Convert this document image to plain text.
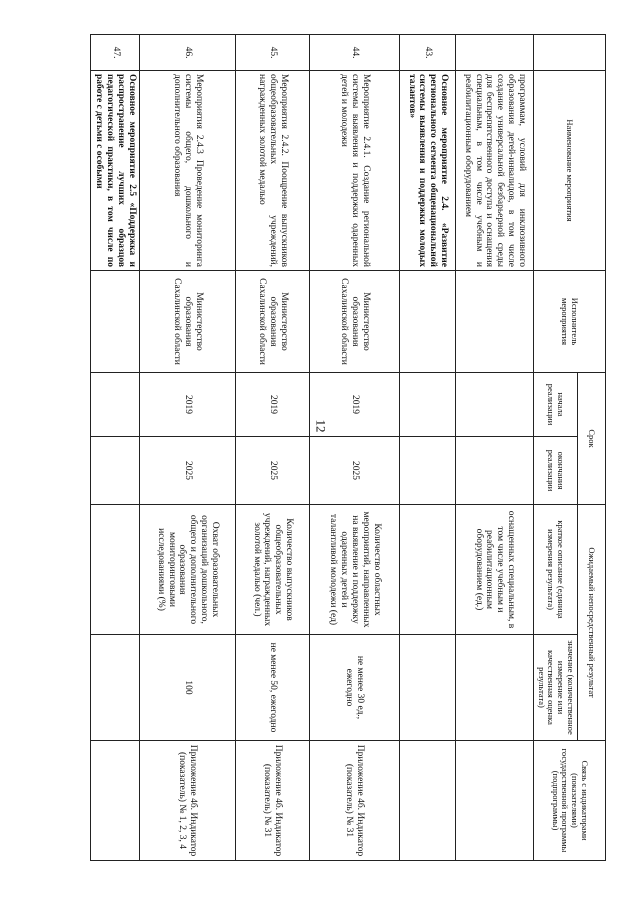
12
	Наименование мероприятия	Исполнитель мероприятия	Срок		Ожидаемый непосредственный результат		Связь с индикаторами (показателями) государственной программы (подпрограммы)
			начала реализации	окончания реализации	краткое описание (единица измерения результата)	значение (количественное измерение или качественная оценка результата)	
	программам, условий для инклюзивного образования детей-инвалидов, в том числе создание универсальной безбарьерной среды для беспрепятственного доступа и оснащения специальным, в том числе учебным и реабилитационным оборудованием				оснащенных специальным, в том числе учебным и реабилитационным оборудованием (ед.)		
43.	Основное мероприятие 2.4. «Развитие регионального сегмента общенациональной системы выявления и поддержки молодых талантов»						
44.	Мероприятие 2.4.1. Создание региональной системы выявления и поддержки одаренных детей и молодежи	Министерство образования Сахалинской области	2019	2025	Количество областных мероприятий, направленных на выявление и поддержку одаренных детей и талантливой молодежи (ед)	не менее 30 ед., ежегодно	Приложение 4б. Индикатор (показатель) № 31
45.	Мероприятия 2.4.2. Поощрение выпускников общеобразовательных учреждений, награжденных золотой медалью	Министерство образования Сахалинской области	2019	2025	Количество выпускников общеобразовательных учреждений, награжденных золотой медалью (чел.)	не менее 50, ежегодно	Приложение 4б. Индикатор (показатель) № 31
46.	Мероприятия 2.4.3 Проведение мониторинга системы общего, дошкольного и дополнительного образования	Министерство образования Сахалинской области	2019	2025	Охват образовательных организаций дошкольного, общего и дополнительного образования мониторинговыми исследованиями (%)	100	Приложение 4б. Индикатор (показатель) № 1, 2, 3, 4
47.	Основное мероприятие 2.5 «Поддержка и распространение лучших образцов педагогической практики, в том числе по работе с детьми с особыми						
